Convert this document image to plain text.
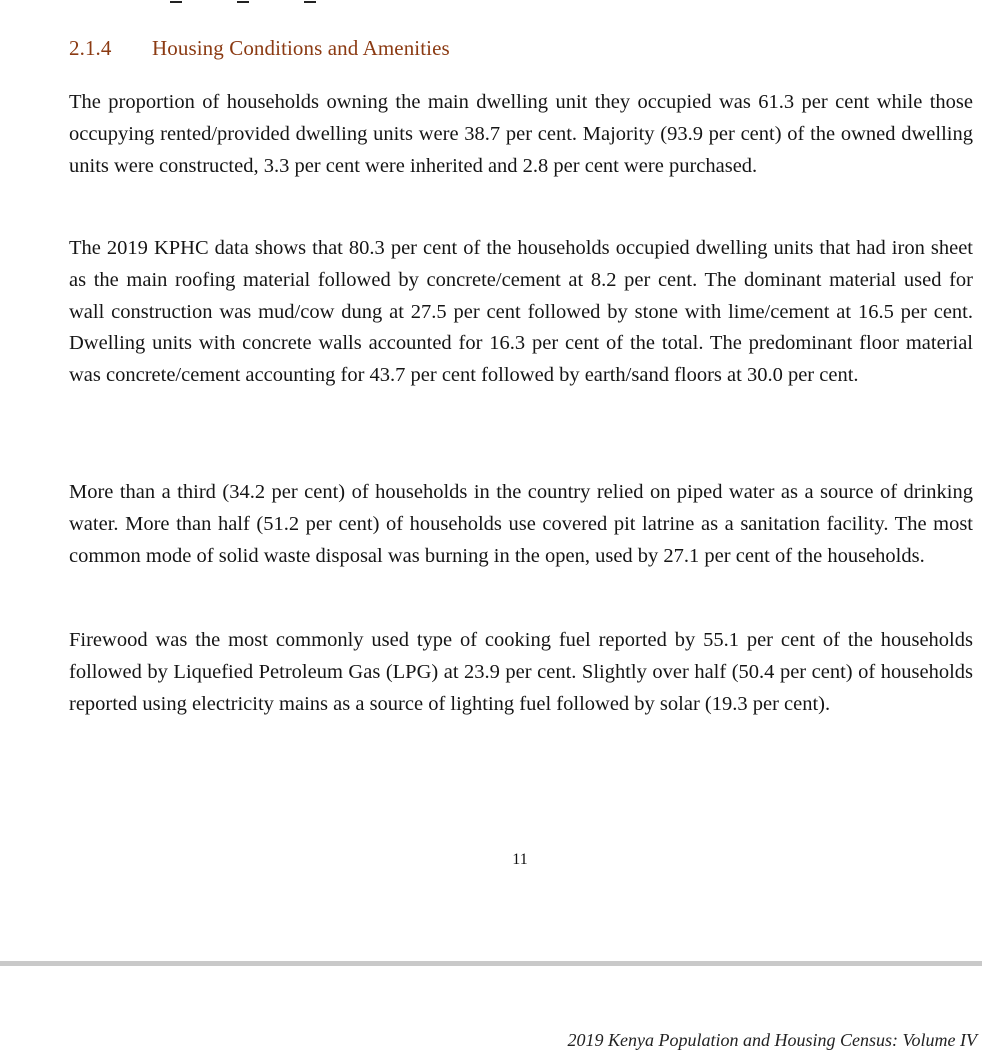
2.1.4 Housing Conditions and Amenities

The proportion of households owning the main dwelling unit they occupied was 61.3 per cent while those occupying rented/provided dwelling units were 38.7 per cent. Majority (93.9 per cent) of the owned dwelling units were constructed, 3.3 per cent were inherited and 2.8 per cent were purchased.

The 2019 KPHC data shows that 80.3 per cent of the households occupied dwelling units that had iron sheet as the main roofing material followed by concrete/cement at 8.2 per cent. The dominant material used for wall construction was mud/cow dung at 27.5 per cent followed by stone with lime/cement at 16.5 per cent. Dwelling units with concrete walls accounted for 16.3 per cent of the total. The predominant floor material was concrete/cement accounting for 43.7 per cent followed by earth/sand floors at 30.0 per cent.

More than a third (34.2 per cent) of households in the country relied on piped water as a source of drinking water. More than half (51.2 per cent) of households use covered pit latrine as a sanitation facility. The most common mode of solid waste disposal was burning in the open, used by 27.1 per cent of the households.

Firewood was the most commonly used type of cooking fuel reported by 55.1 per cent of the households followed by Liquefied Petroleum Gas (LPG) at 23.9 per cent. Slightly over half (50.4 per cent) of households reported using electricity mains as a source of lighting fuel followed by solar (19.3 per cent).

11
2019 Kenya Population and Housing Census: Volume IV
